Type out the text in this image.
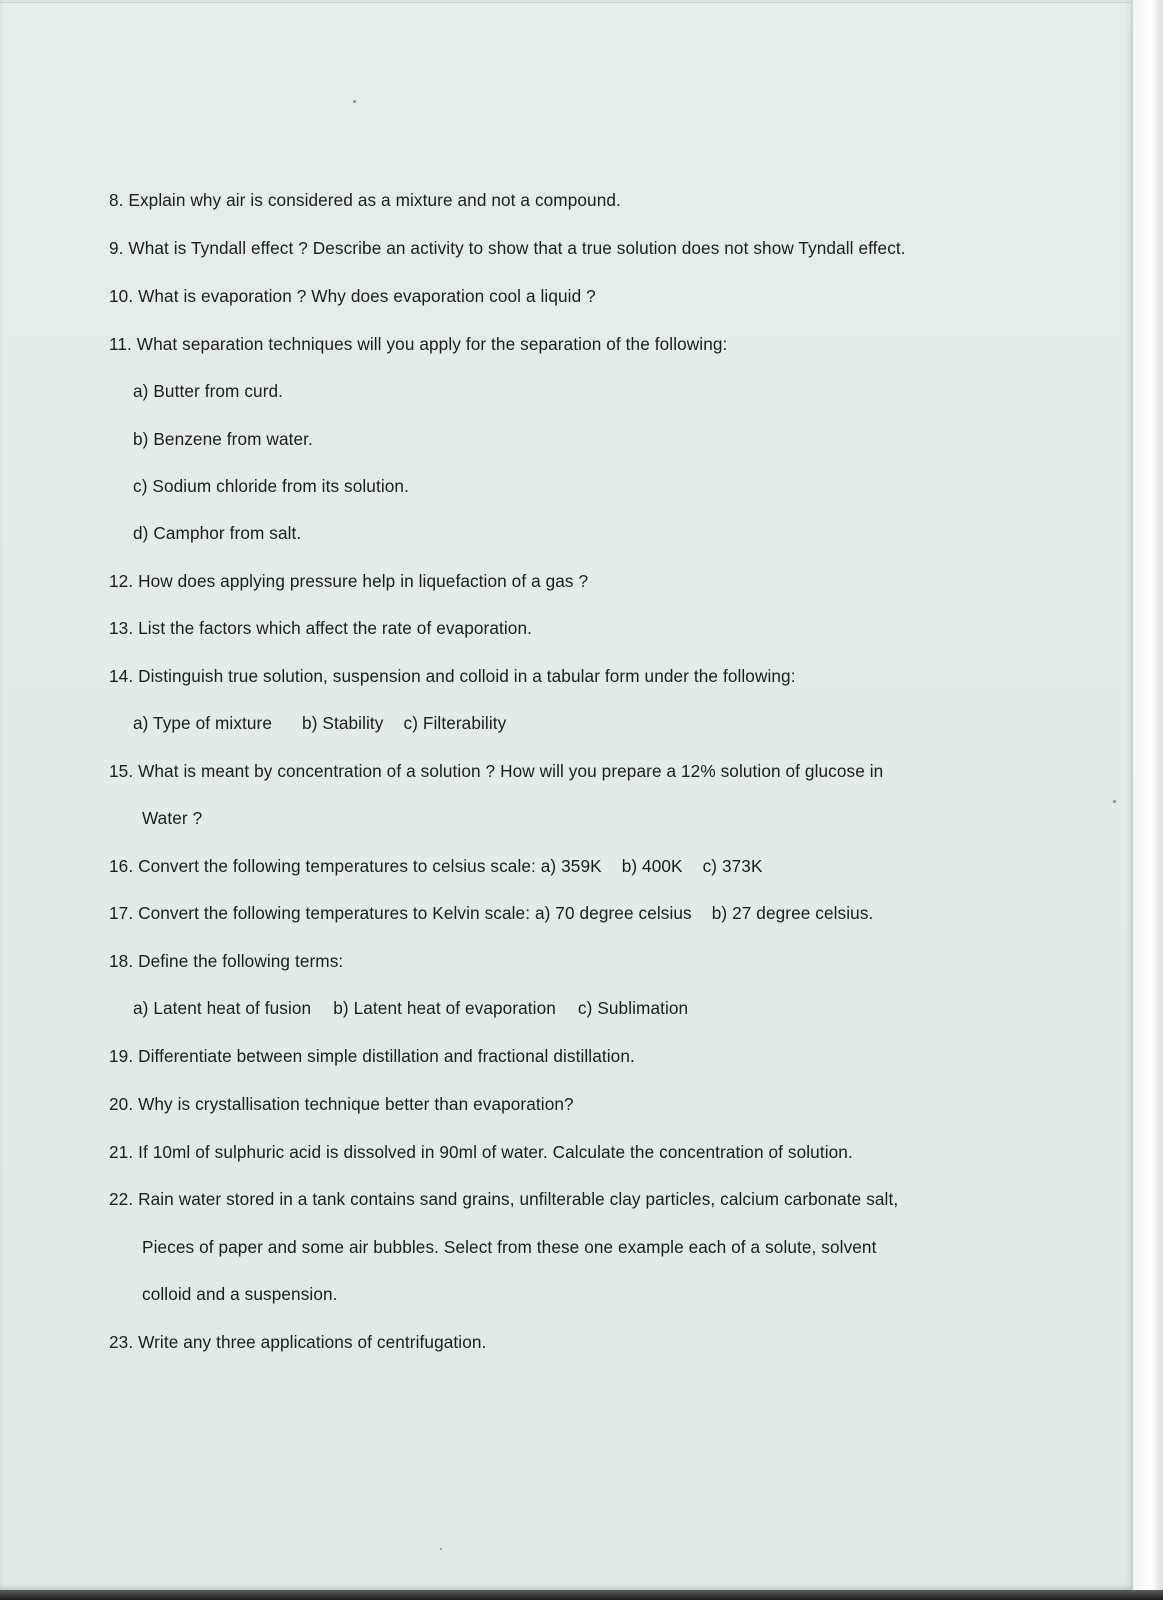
8. Explain why air is considered as a mixture and not a compound.
9. What is Tyndall effect ? Describe an activity to show that a true solution does not show Tyndall effect.
10. What is evaporation ? Why does evaporation cool a liquid ?
11. What separation techniques will you apply for the separation of the following:
a) Butter from curd.
b) Benzene from water.
c) Sodium chloride from its solution.
d) Camphor from salt.
12. How does applying pressure help in liquefaction of a gas ?
13. List the factors which affect the rate of evaporation.
14. Distinguish true solution, suspension and colloid in a tabular form under the following:
a) Type of mixture b) Stability c) Filterability
15. What is meant by concentration of a solution ? How will you prepare a 12% solution of glucose in
Water ?
16. Convert the following temperatures to celsius scale: a) 359K b) 400K c) 373K
17. Convert the following temperatures to Kelvin scale: a) 70 degree celsius b) 27 degree celsius.
18. Define the following terms:
a) Latent heat of fusion b) Latent heat of evaporation c) Sublimation
19. Differentiate between simple distillation and fractional distillation.
20. Why is crystallisation technique better than evaporation?
21. If 10ml of sulphuric acid is dissolved in 90ml of water. Calculate the concentration of solution.
22. Rain water stored in a tank contains sand grains, unfilterable clay particles, calcium carbonate salt,
Pieces of paper and some air bubbles. Select from these one example each of a solute, solvent
colloid and a suspension.
23. Write any three applications of centrifugation.
